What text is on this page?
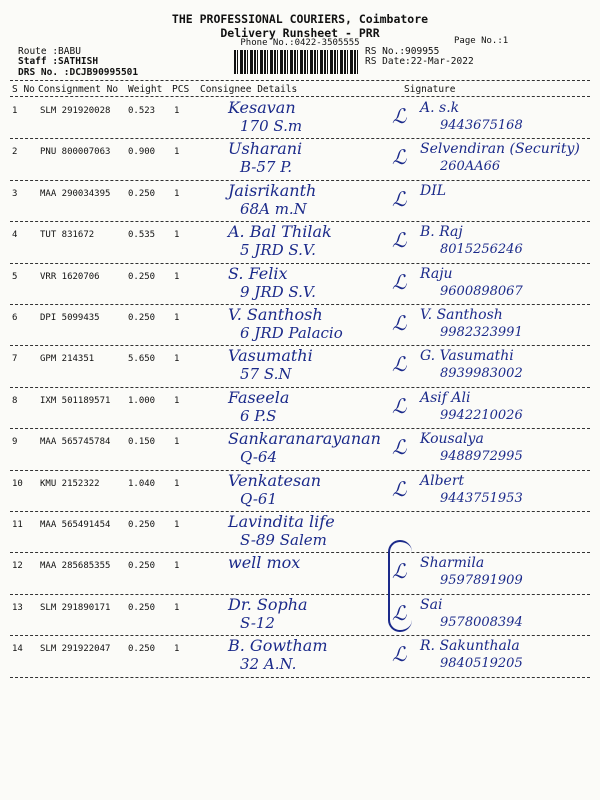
THE PROFESSIONAL COURIERS, Coimbatore
Delivery Runsheet - PRR
Phone No.:0422-3505555	Page No.:1
Route :BABU
Staff :SATHISH
DRS No. :DCJB90995501
RS No.:909955
RS Date:22-Mar-2022
S No Consignment No Weight PCS Consignee Details	Signature
1	SLM 291920028 0.523 1	Kesavan
170 S.m	ℒ A. s.k
9443675168
2	PNU 800007063 0.900 1	Usharani
B-57 P.	ℒ Selvendiran (Security)
260AA66
3	MAA 290034395 0.250 1	Jaisrikanth
68A m.N	ℒ DIL
4	TUT 831672	0.535 1	A. Bal Thilak
5 JRD S.V.	ℒ B. Raj
8015256246
5	VRR 1620706	0.250 1	S. Felix
9 JRD S.V.	ℒ Raju
9600898067
6	DPI 5099435	0.250 1	V. Santhosh
6 JRD Palacio ℒ V. Santhosh
9982323991
7	GPM 214351	5.650 1	Vasumathi
57 S.N	ℒ G. Vasumathi
8939983002
8	IXM 501189571 1.000 1	Faseela
6 P.S	ℒ Asif Ali
9942210026
9	MAA 565745784 0.150 1	Sankaranarayanan
Q-64	ℒ Kousalya
9488972995
10 KMU 2152322	1.040 1	Venkatesan
Q-61	ℒ Albert
9443751953
11 MAA 565491454 0.250 1	Lavindita life
S-89 Salem
12 MAA 285685355 0.250 1	well mox	ℒ Sharmila
9597891909
13 SLM 291890171 0.250 1	Dr. Sopha
S-12	ℒ Sai
9578008394
14 SLM 291922047 0.250 1	B. Gowtham
32 A.N.	ℒ R. Sakunthala
9840519205
